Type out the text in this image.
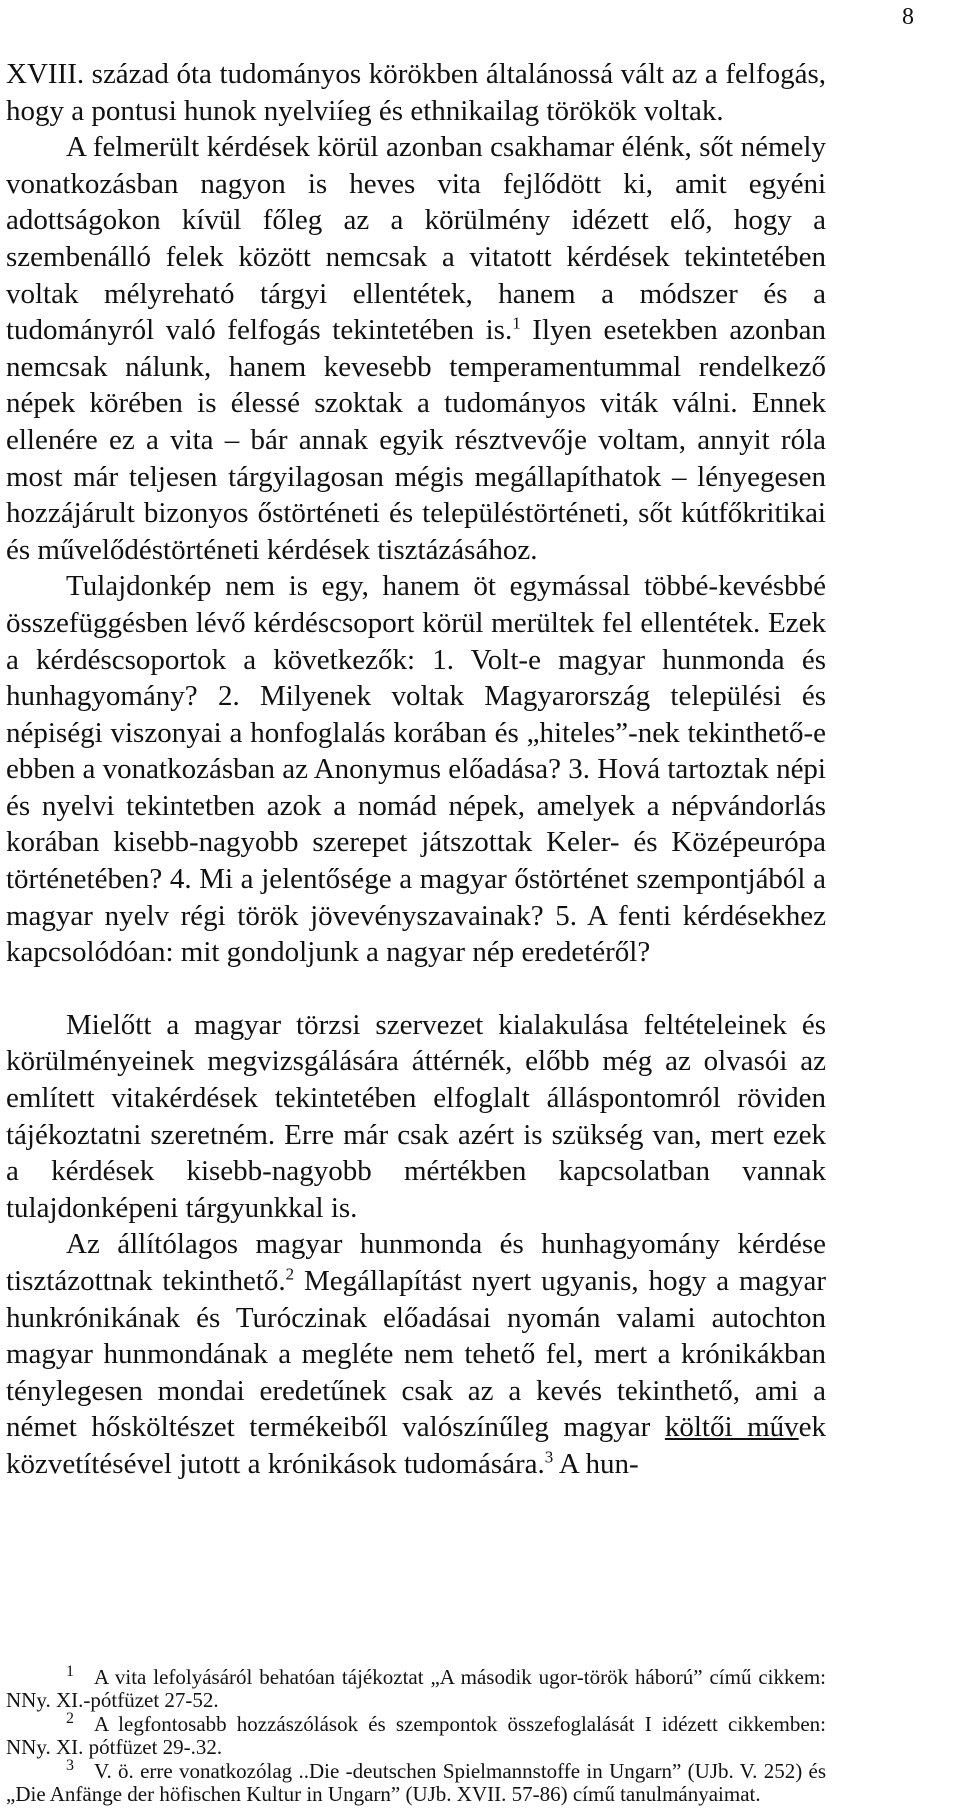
8

XVIII. század óta tudományos körökben általánossá vált az a felfogás, hogy a pontusi hunok nyelviíeg és ethnikailag törökök voltak.

A felmerült kérdések körül azonban csakhamar élénk, sőt némely vonatkozásban nagyon is heves vita fejlődött ki, amit egyéni adottságokon kívül főleg az a körülmény idézett elő, hogy a szembenálló felek között nemcsak a vitatott kérdések tekintetében voltak mélyreható tárgyi ellentétek, hanem a módszer és a tudományról való felfogás tekintetében is.$^1$ Ilyen esetekben azonban nemcsak nálunk, hanem kevesebb temperamentummal rendelkező népek körében is élessé szoktak a tudományos viták válni. Ennek ellenére ez a vita – bár annak egyik résztvevője voltam, annyit róla most már teljesen tárgyilagosan mégis megállapíthatok – lényegesen hozzájárult bizonyos őstörténeti és településtörténeti, sőt kútfőkritikai és művelődéstörténeti kérdések tisztázásához.

Tulajdonkép nem is egy, hanem öt egymással többé-kevésbbé összefüggésben lévő kérdéscsoport körül merültek fel ellentétek. Ezek a kérdéscsoportok a következők: 1. Volt-e magyar hunmonda és hunhagyomány? 2. Milyenek voltak Magyarország települési és népiségi viszonyai a honfoglalás korában és „hiteles”-nek tekinthető-e ebben a vonatkozásban az Anonymus előadása? 3. Hová tartoztak népi és nyelvi tekintetben azok a nomád népek, amelyek a népvándorlás korában kisebb-nagyobb szerepet játszottak Keler- és Középeurópa történetében? 4. Mi a jelentősége a magyar őstörténet szempontjából a magyar nyelv régi török jövevényszavainak? 5. A fenti kérdésekhez kapcsolódóan: mit gondoljunk a nagyar nép eredetéről?

Mielőtt a magyar törzsi szervezet kialakulása feltételeinek és körülményeinek megvizsgálására áttérnék, előbb még az olvasói az említett vitakérdések tekintetében elfoglalt álláspontomról röviden tájékoztatni szeretném. Erre már csak azért is szükség van, mert ezek a kérdések kisebb-nagyobb mértékben kapcsolatban vannak tulajdonképeni tárgyunkkal is.

Az állítólagos magyar hunmonda és hunhagyomány kérdése tisztázottnak tekinthető.$^2$ Megállapítást nyert ugyanis, hogy a magyar hunkrónikának és Turóczinak előadásai nyomán valami autochton magyar hunmondának a megléte nem tehető fel, mert a krónikákban ténylegesen mondai eredetűnek csak az a kevés tekinthető, ami a német hősköltészet termékeiből valószínűleg magyar költői művek közvetítésével jutott a krónikások tudomására.$^3$ A hun-

1 A vita lefolyásáról behatóan tájékoztat „A második ugor-török háború” című cikkem: NNy. XI.-pótfüzet 27-52.

2 A legfontosabb hozzászólások és szempontok összefoglalását I idézett cikkemben: NNy. XI. pótfüzet 29-.32.

3 V. ö. erre vonatkozólag ..Die -deutschen Spielmannstoffe in Ungarn” (UJb. V. 252) és „Die Anfänge der höfischen Kultur in Ungarn” (UJb. XVII. 57-86) című tanulmányaimat.
